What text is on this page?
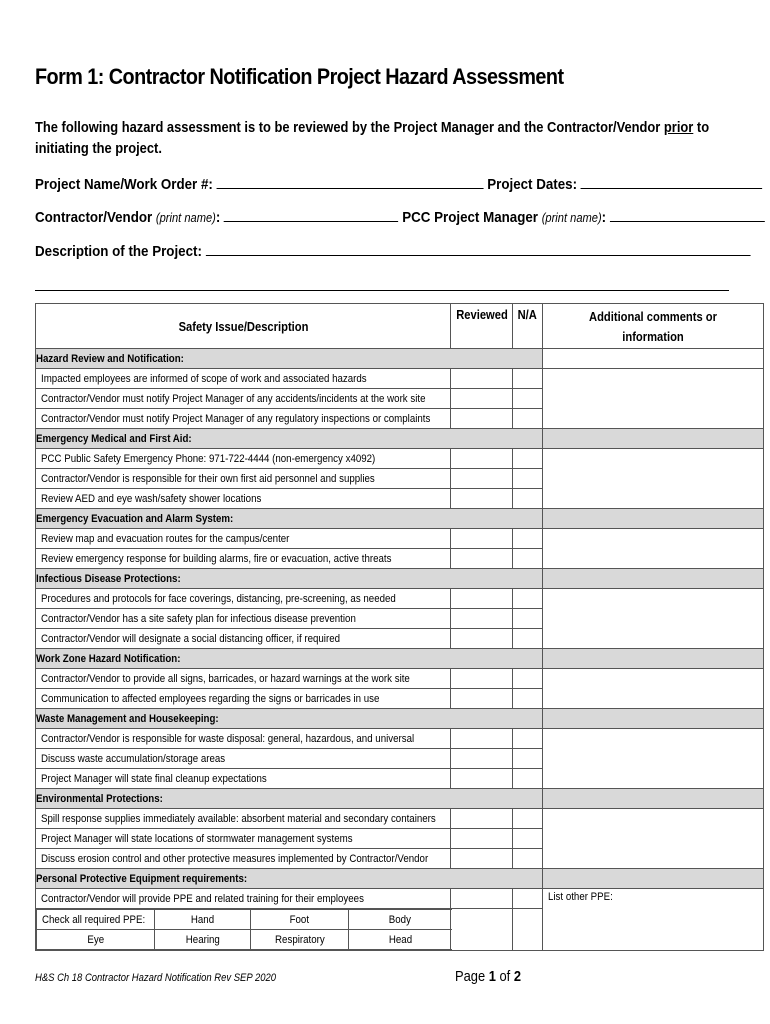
Form 1: Contractor Notification Project Hazard Assessment
The following hazard assessment is to be reviewed by the Project Manager and the Contractor/Vendor prior to initiating the project.
Project Name/Work Order #:	Project Dates:
Contractor/Vendor (print name):	PCC Project Manager (print name):
Description of the Project:
Safety Issue/Description	Reviewed	N/A	Additional comments or information
Hazard Review and Notification:	
Impacted employees are informed of scope of work and associated hazards			
Contractor/Vendor must notify Project Manager of any accidents/incidents at the work site		
Contractor/Vendor must notify Project Manager of any regulatory inspections or complaints		
Emergency Medical and First Aid:	
PCC Public Safety Emergency Phone: 971-722-4444 (non-emergency x4092)			
Contractor/Vendor is responsible for their own first aid personnel and supplies		
Review AED and eye wash/safety shower locations		
Emergency Evacuation and Alarm System:	
Review map and evacuation routes for the campus/center			
Review emergency response for building alarms, fire or evacuation, active threats		
Infectious Disease Protections:	
Procedures and protocols for face coverings, distancing, pre-screening, as needed			
Contractor/Vendor has a site safety plan for infectious disease prevention		
Contractor/Vendor will designate a social distancing officer, if required		
Work Zone Hazard Notification:	
Contractor/Vendor to provide all signs, barricades, or hazard warnings at the work site			
Communication to affected employees regarding the signs or barricades in use		
Waste Management and Housekeeping:	
Contractor/Vendor is responsible for waste disposal: general, hazardous, and universal			
Discuss waste accumulation/storage areas		
Project Manager will state final cleanup expectations		
Environmental Protections:	
Spill response supplies immediately available: absorbent material and secondary containers			
Project Manager will state locations of stormwater management systems		
Discuss erosion control and other protective measures implemented by Contractor/Vendor		
Personal Protective Equipment requirements:	
Contractor/Vendor will provide PPE and related training for their employees			List other PPE:

Check all required PPE:	Hand	Foot	Body
Eye	Hearing	Respiratory	Head

H&S Ch 18 Contractor Hazard Notification Rev SEP 2020	Page 1 of 2
